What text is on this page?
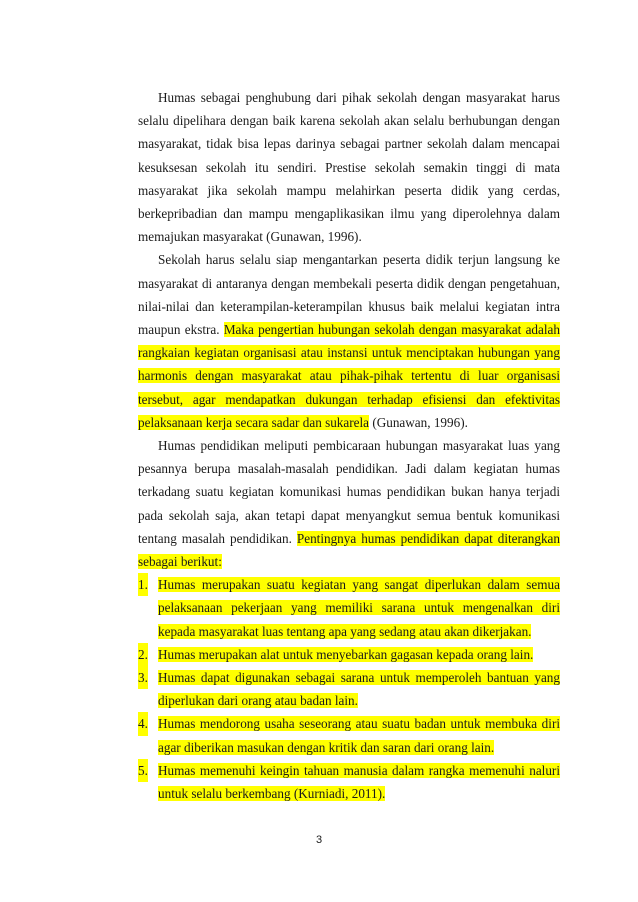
Humas sebagai penghubung dari pihak sekolah dengan masyarakat harus selalu dipelihara dengan baik karena sekolah akan selalu berhubungan dengan masyarakat, tidak bisa lepas darinya sebagai partner sekolah dalam mencapai kesuksesan sekolah itu sendiri. Prestise sekolah semakin tinggi di mata masyarakat jika sekolah mampu melahirkan peserta didik yang cerdas, berkepribadian dan mampu mengaplikasikan ilmu yang diperolehnya dalam memajukan masyarakat (Gunawan, 1996).

Sekolah harus selalu siap mengantarkan peserta didik terjun langsung ke masyarakat di antaranya dengan membekali peserta didik dengan pengetahuan, nilai-nilai dan keterampilan-keterampilan khusus baik melalui kegiatan intra maupun ekstra. Maka pengertian hubungan sekolah dengan masyarakat adalah rangkaian kegiatan organisasi atau instansi untuk menciptakan hubungan yang harmonis dengan masyarakat atau pihak-pihak tertentu di luar organisasi tersebut, agar mendapatkan dukungan terhadap efisiensi dan efektivitas pelaksanaan kerja secara sadar dan sukarela (Gunawan, 1996).

Humas pendidikan meliputi pembicaraan hubungan masyarakat luas yang pesannya berupa masalah-masalah pendidikan. Jadi dalam kegiatan humas terkadang suatu kegiatan komunikasi humas pendidikan bukan hanya terjadi pada sekolah saja, akan tetapi dapat menyangkut semua bentuk komunikasi tentang masalah pendidikan. Pentingnya humas pendidikan dapat diterangkan sebagai berikut:

1. Humas merupakan suatu kegiatan yang sangat diperlukan dalam semua pelaksanaan pekerjaan yang memiliki sarana untuk mengenalkan diri kepada masyarakat luas tentang apa yang sedang atau akan dikerjakan.
2. Humas merupakan alat untuk menyebarkan gagasan kepada orang lain.
3. Humas dapat digunakan sebagai sarana untuk memperoleh bantuan yang diperlukan dari orang atau badan lain.
4. Humas mendorong usaha seseorang atau suatu badan untuk membuka diri agar diberikan masukan dengan kritik dan saran dari orang lain.
5. Humas memenuhi keingin tahuan manusia dalam rangka memenuhi naluri untuk selalu berkembang (Kurniadi, 2011).
3
